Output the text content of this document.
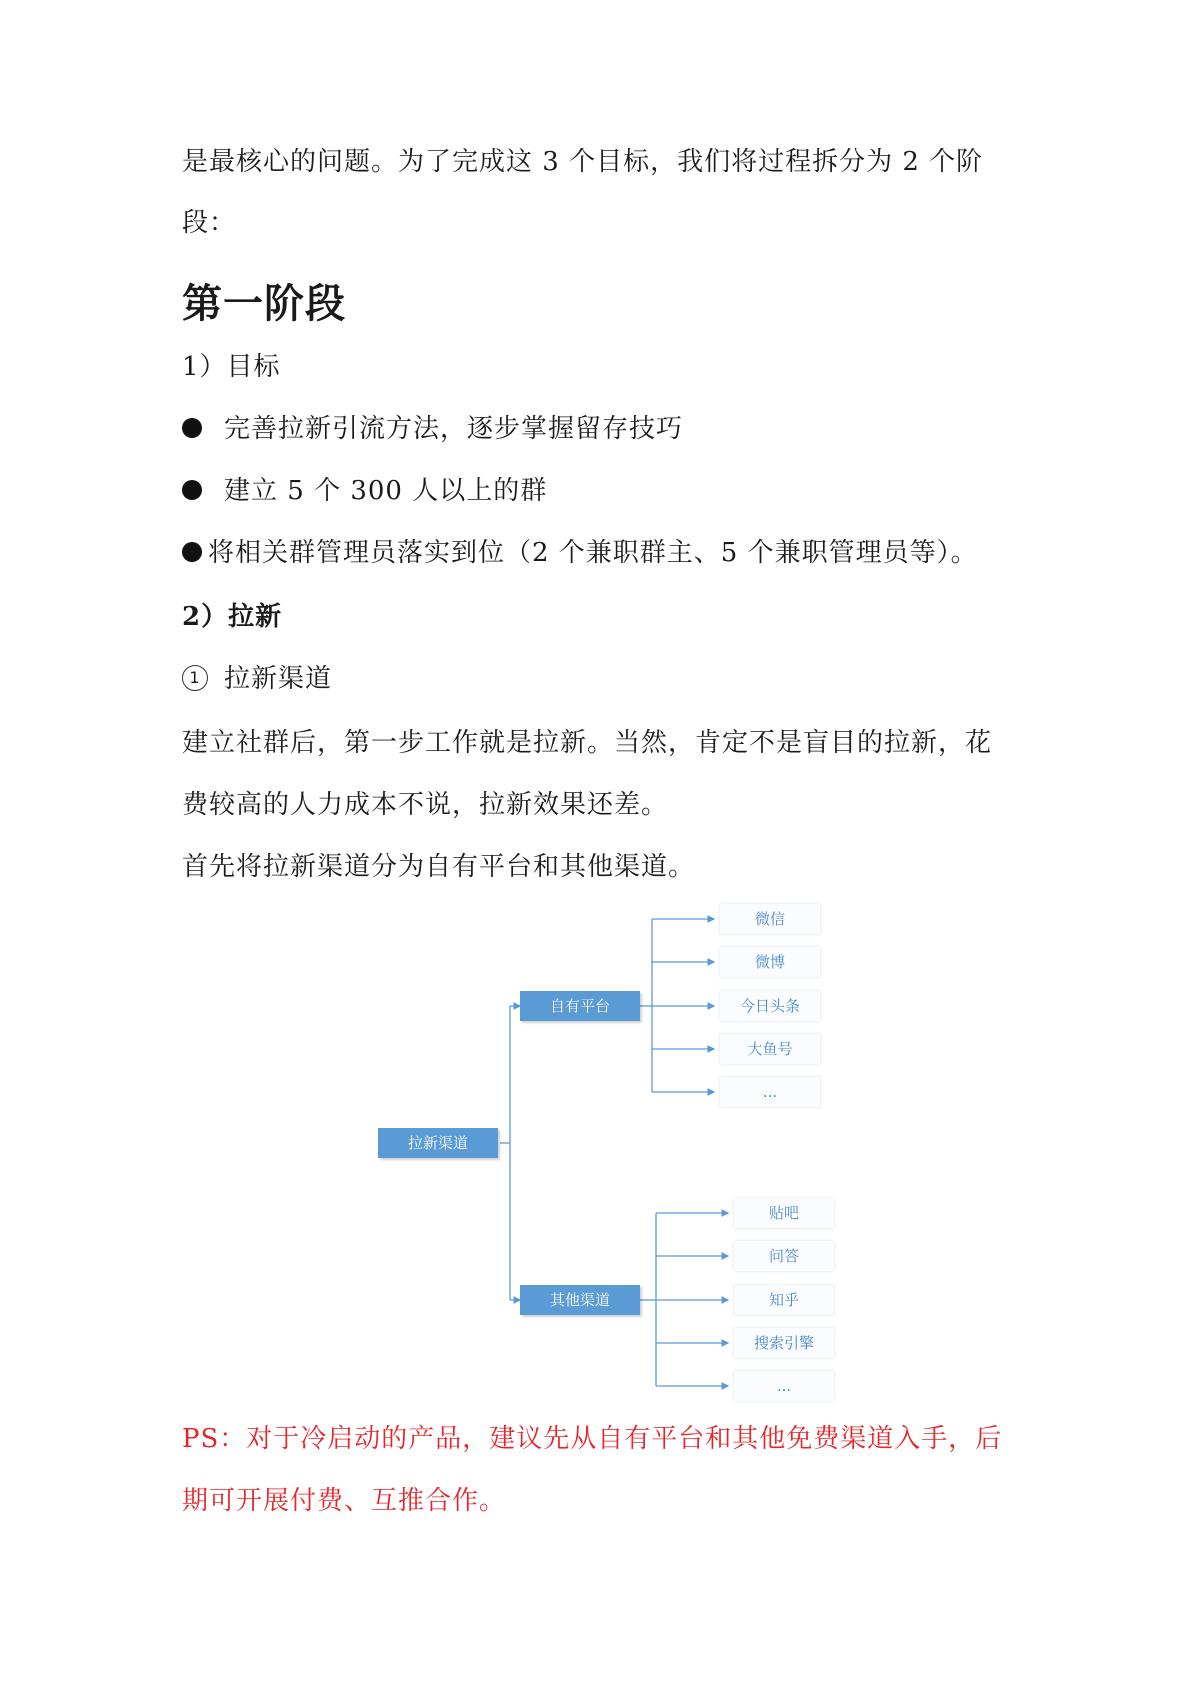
是最核心的问题。为了完成这 3 个目标，我们将过程拆分为 2 个阶
段：
第一阶段
1）目标
完善拉新引流方法，逐步掌握留存技巧
建立 5 个 300 人以上的群
将相关群管理员落实到位（2 个兼职群主、5 个兼职管理员等）。
2）拉新
1 拉新渠道
建立社群后，第一步工作就是拉新。当然，肯定不是盲目的拉新，花
费较高的人力成本不说，拉新效果还差。
首先将拉新渠道分为自有平台和其他渠道。
拉新渠道
自有平台
其他渠道
微信
微博
今日头条
大鱼号
...
贴吧
问答
知乎
搜索引擎
...
PS：对于冷启动的产品，建议先从自有平台和其他免费渠道入手，后
期可开展付费、互推合作。
